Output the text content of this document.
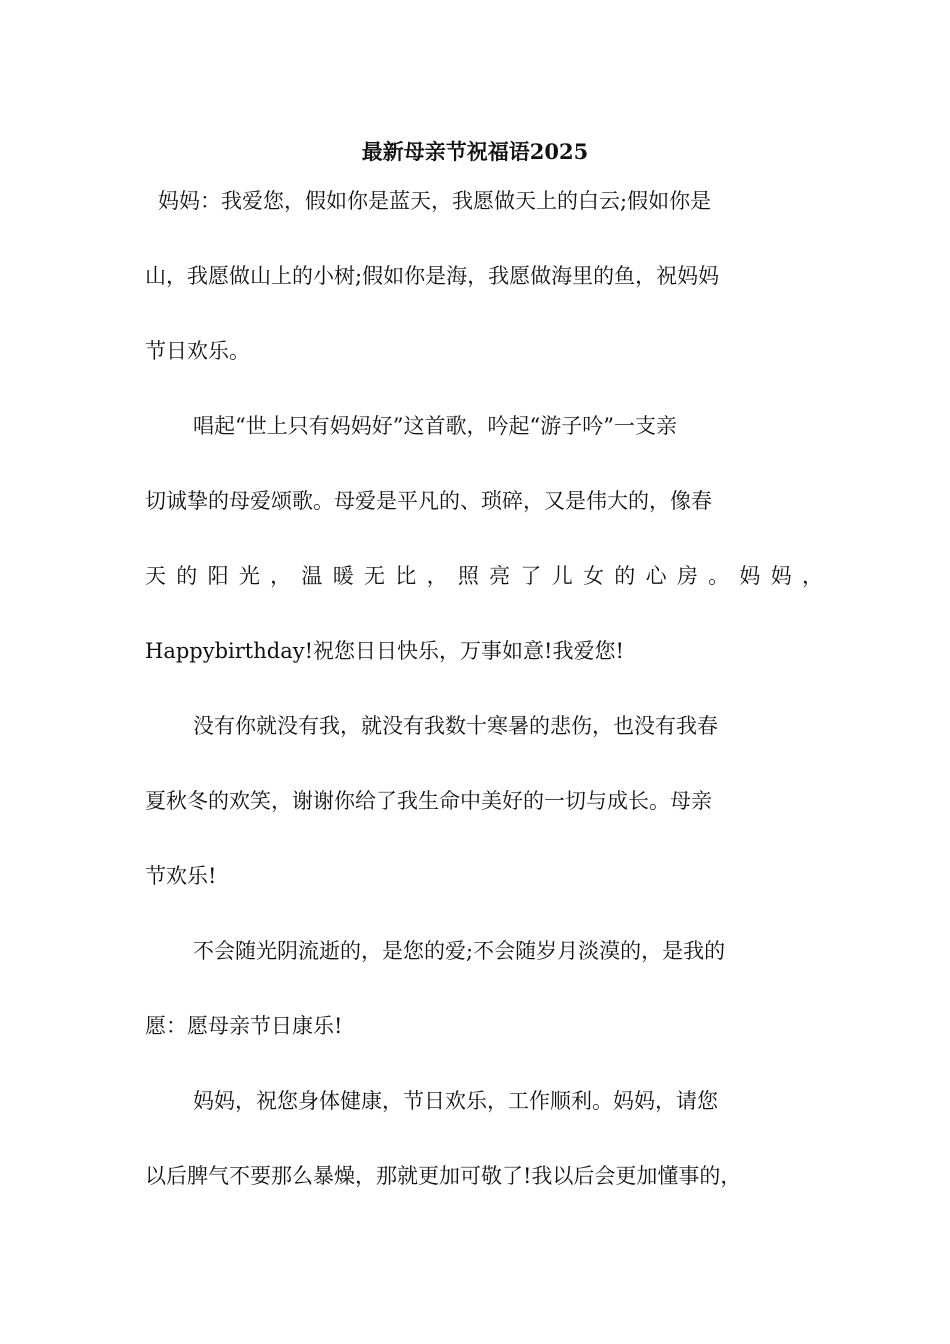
最新母亲节祝福语2025
妈妈：我爱您，假如你是蓝天，我愿做天上的白云;假如你是
山，我愿做山上的小树;假如你是海，我愿做海里的鱼，祝妈妈
节日欢乐。
唱起“世上只有妈妈好”这首歌，吟起“游子吟”一支亲
切诚挚的母爱颂歌。母爱是平凡的、琐碎，又是伟大的，像春
天的阳光，温暖无比，照亮了儿女的心房。妈妈，
Happybirthday!祝您日日快乐，万事如意!我爱您!
没有你就没有我，就没有我数十寒暑的悲伤，也没有我春
夏秋冬的欢笑，谢谢你给了我生命中美好的一切与成长。母亲
节欢乐!
不会随光阴流逝的，是您的爱;不会随岁月淡漠的，是我的
愿：愿母亲节日康乐!
妈妈，祝您身体健康，节日欢乐，工作顺利。妈妈，请您
以后脾气不要那么暴燥，那就更加可敬了!我以后会更加懂事的，
